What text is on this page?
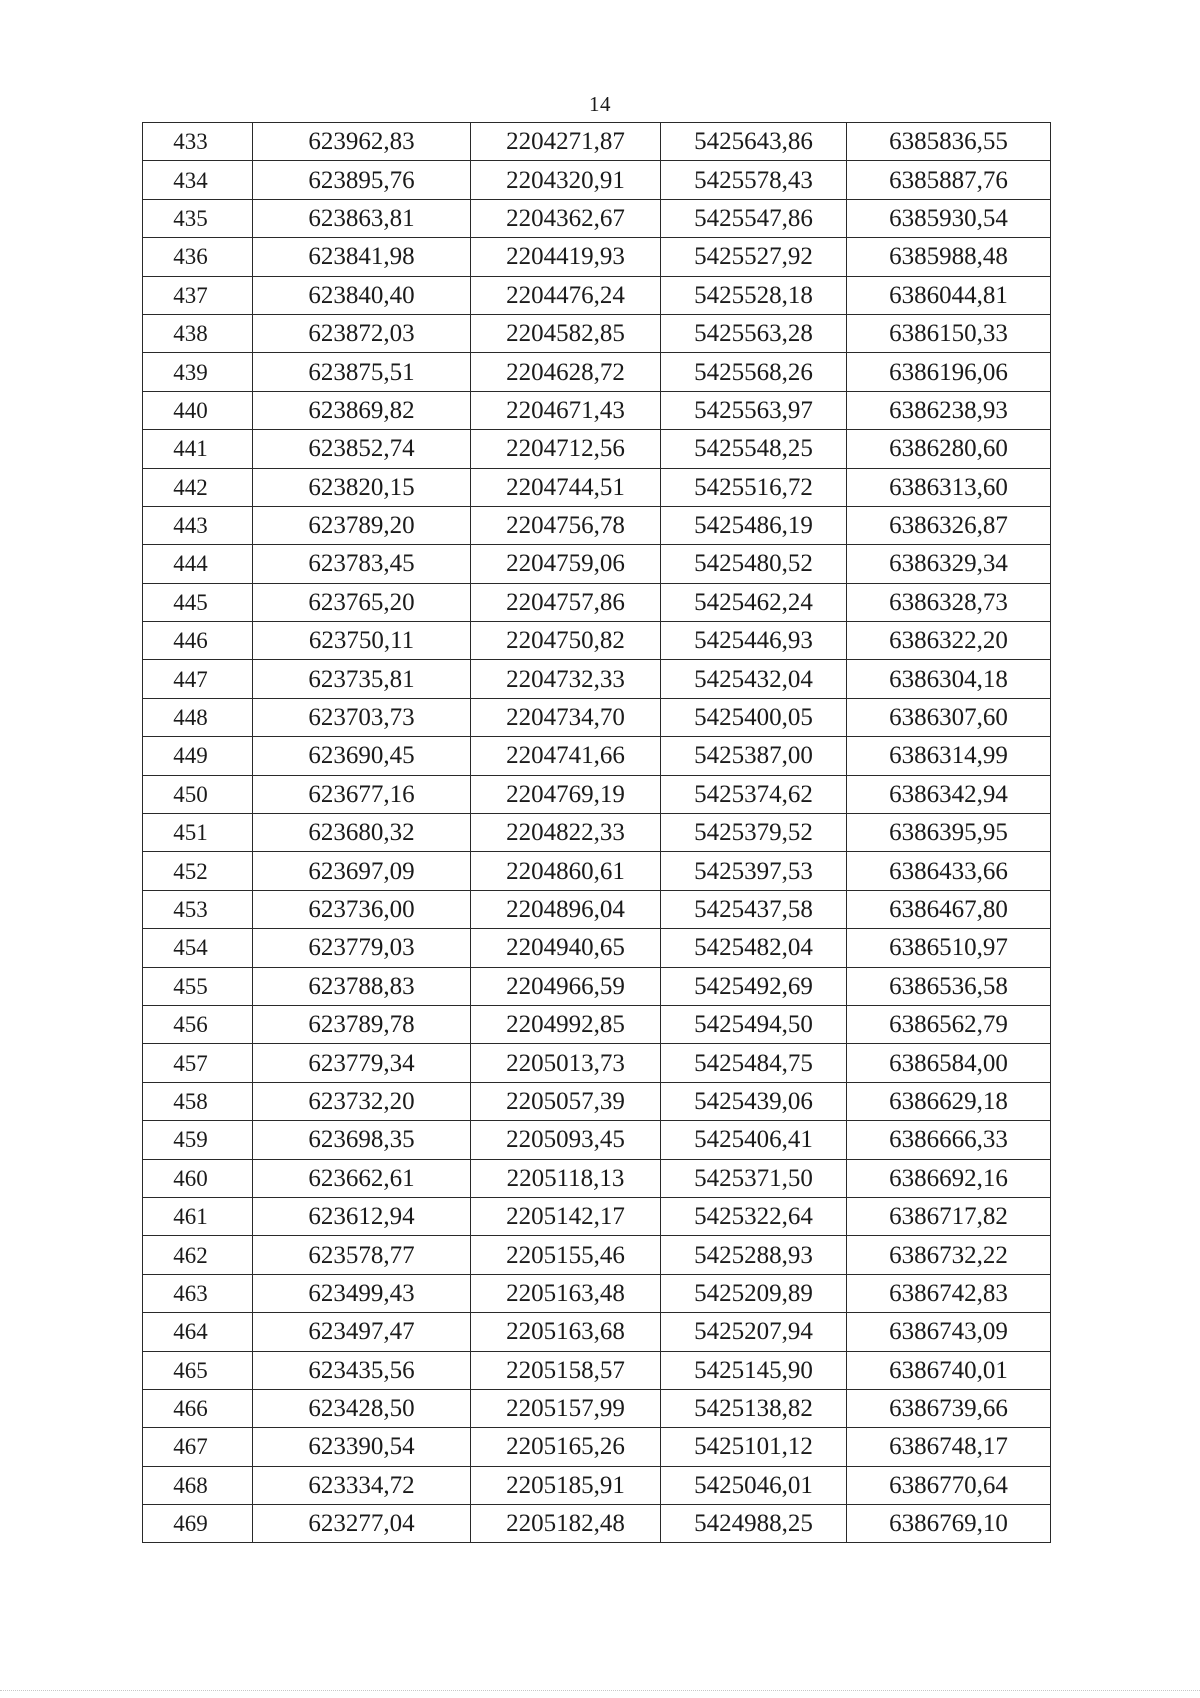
14
433	623962,83	2204271,87	5425643,86	6385836,55
434	623895,76	2204320,91	5425578,43	6385887,76
435	623863,81	2204362,67	5425547,86	6385930,54
436	623841,98	2204419,93	5425527,92	6385988,48
437	623840,40	2204476,24	5425528,18	6386044,81
438	623872,03	2204582,85	5425563,28	6386150,33
439	623875,51	2204628,72	5425568,26	6386196,06
440	623869,82	2204671,43	5425563,97	6386238,93
441	623852,74	2204712,56	5425548,25	6386280,60
442	623820,15	2204744,51	5425516,72	6386313,60
443	623789,20	2204756,78	5425486,19	6386326,87
444	623783,45	2204759,06	5425480,52	6386329,34
445	623765,20	2204757,86	5425462,24	6386328,73
446	623750,11	2204750,82	5425446,93	6386322,20
447	623735,81	2204732,33	5425432,04	6386304,18
448	623703,73	2204734,70	5425400,05	6386307,60
449	623690,45	2204741,66	5425387,00	6386314,99
450	623677,16	2204769,19	5425374,62	6386342,94
451	623680,32	2204822,33	5425379,52	6386395,95
452	623697,09	2204860,61	5425397,53	6386433,66
453	623736,00	2204896,04	5425437,58	6386467,80
454	623779,03	2204940,65	5425482,04	6386510,97
455	623788,83	2204966,59	5425492,69	6386536,58
456	623789,78	2204992,85	5425494,50	6386562,79
457	623779,34	2205013,73	5425484,75	6386584,00
458	623732,20	2205057,39	5425439,06	6386629,18
459	623698,35	2205093,45	5425406,41	6386666,33
460	623662,61	2205118,13	5425371,50	6386692,16
461	623612,94	2205142,17	5425322,64	6386717,82
462	623578,77	2205155,46	5425288,93	6386732,22
463	623499,43	2205163,48	5425209,89	6386742,83
464	623497,47	2205163,68	5425207,94	6386743,09
465	623435,56	2205158,57	5425145,90	6386740,01
466	623428,50	2205157,99	5425138,82	6386739,66
467	623390,54	2205165,26	5425101,12	6386748,17
468	623334,72	2205185,91	5425046,01	6386770,64
469	623277,04	2205182,48	5424988,25	6386769,10
